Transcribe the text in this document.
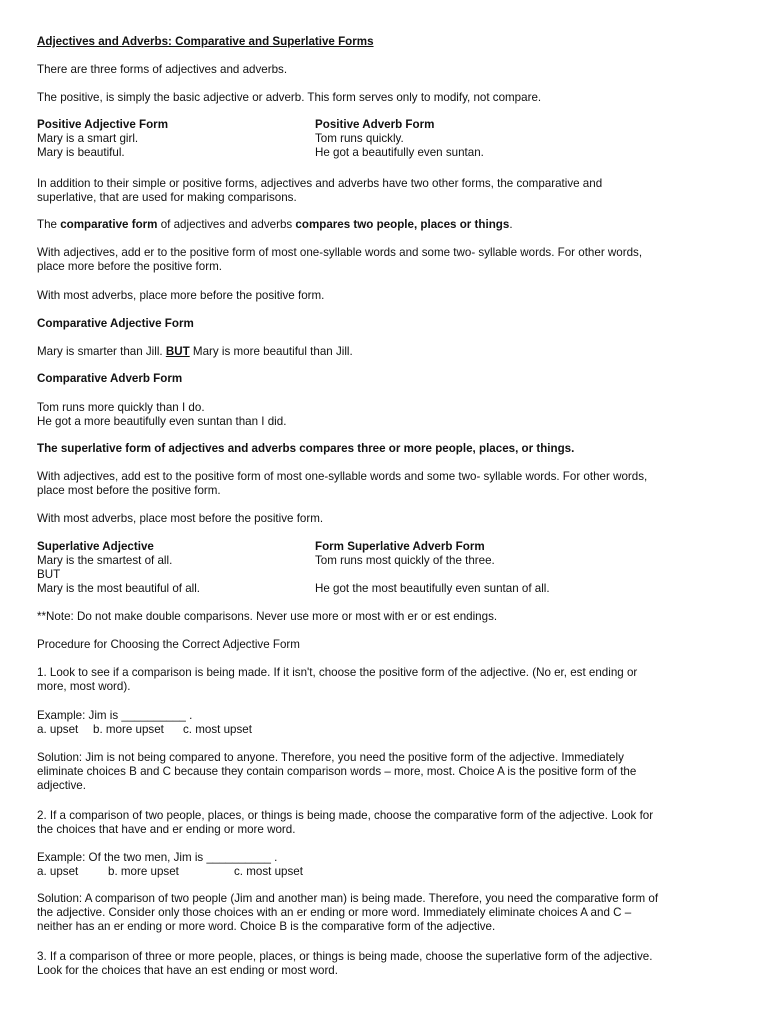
Adjectives and Adverbs: Comparative and Superlative Forms
There are three forms of adjectives and adverbs.
The positive, is simply the basic adjective or adverb. This form serves only to modify, not compare.
Positive Adjective Form	Positive Adverb Form
Mary is a smart girl.	Tom runs quickly.
Mary is beautiful.	He got a beautifully even suntan.
In addition to their simple or positive forms, adjectives and adverbs have two other forms, the comparative and
superlative, that are used for making comparisons.
The comparative form of adjectives and adverbs compares two people, places or things.
With adjectives, add er to the positive form of most one-syllable words and some two- syllable words. For other words,
place more before the positive form.
With most adverbs, place more before the positive form.
Comparative Adjective Form
Mary is smarter than Jill. BUT Mary is more beautiful than Jill.
Comparative Adverb Form
Tom runs more quickly than I do.
He got a more beautifully even suntan than I did.
The superlative form of adjectives and adverbs compares three or more people, places, or things.
With adjectives, add est to the positive form of most one-syllable words and some two- syllable words. For other words,
place most before the positive form.
With most adverbs, place most before the positive form.
Superlative Adjective	Form Superlative Adverb Form
Mary is the smartest of all.	Tom runs most quickly of the three.
BUT
Mary is the most beautiful of all.	He got the most beautifully even suntan of all.
**Note: Do not make double comparisons. Never use more or most with er or est endings.
Procedure for Choosing the Correct Adjective Form
1. Look to see if a comparison is being made. If it isn't, choose the positive form of the adjective. (No er, est ending or
more, most word).
Example: Jim is __________ .
a. upset b. more upset c. most upset
Solution: Jim is not being compared to anyone. Therefore, you need the positive form of the adjective. Immediately
eliminate choices B and C because they contain comparison words – more, most. Choice A is the positive form of the
adjective.
2. If a comparison of two people, places, or things is being made, choose the comparative form of the adjective. Look for
the choices that have and er ending or more word.
Example: Of the two men, Jim is __________ .
a. upset	b. more upset	c. most upset
Solution: A comparison of two people (Jim and another man) is being made. Therefore, you need the comparative form of
the adjective. Consider only those choices with an er ending or more word. Immediately eliminate choices A and C –
neither has an er ending or more word. Choice B is the comparative form of the adjective.
3. If a comparison of three or more people, places, or things is being made, choose the superlative form of the adjective.
Look for the choices that have an est ending or most word.
